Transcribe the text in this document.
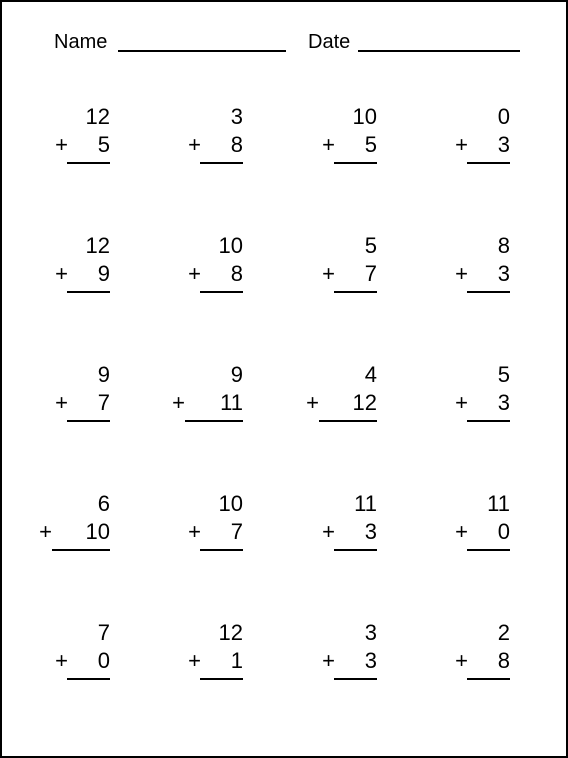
Name	Date
12
+ 5
3
+ 8
10
+ 5
0
+ 3
12
+ 9
10
+ 8
5
+ 7
8
+ 3
9
+ 7
9
+ 11
4
+ 12
5
+ 3
6
+ 10
10
+ 7
11
+ 3
11
+ 0
7
+ 0
12
+ 1
3
+ 3
2
+ 8
